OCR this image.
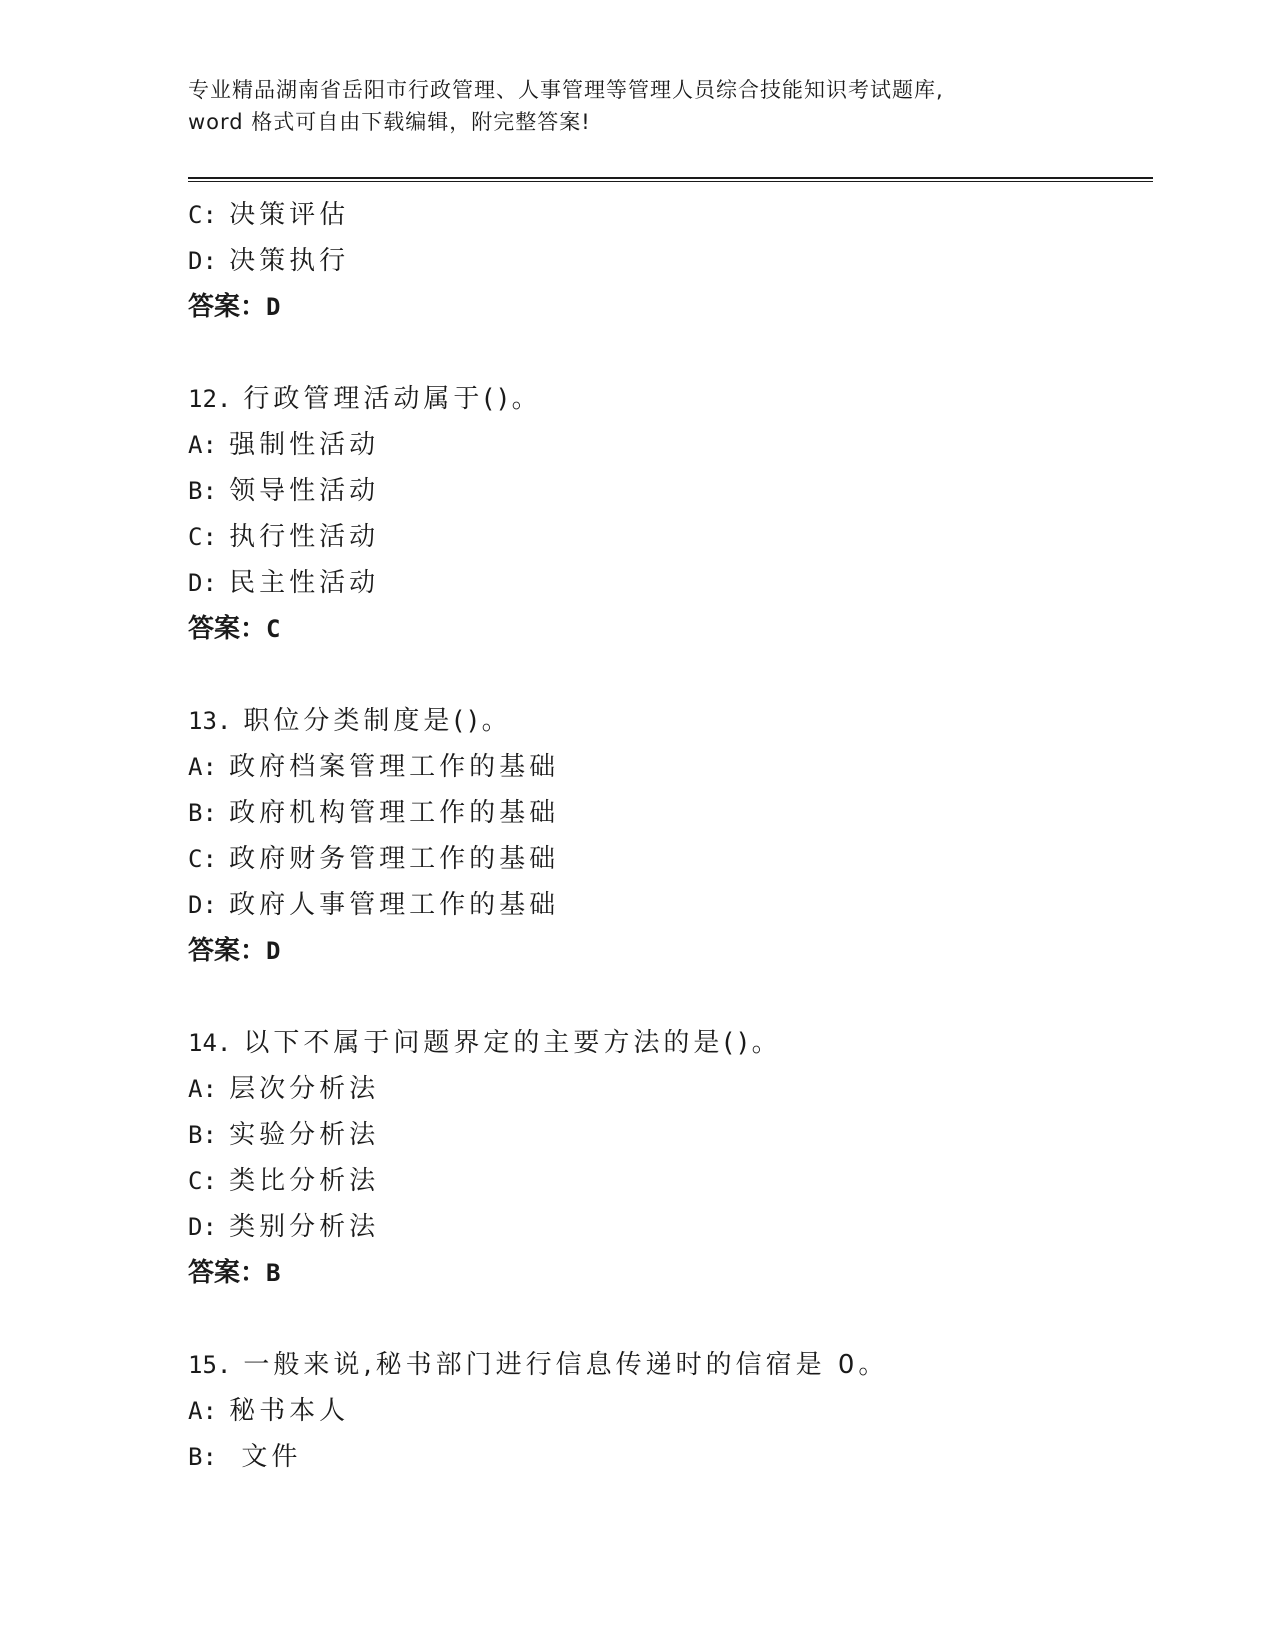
专业精品湖南省岳阳市行政管理、人事管理等管理人员综合技能知识考试题库,
word 格式可自由下载编辑，附完整答案!
C: 决策评估
D: 决策执行
答案：D
12. 行政管理活动属于()。
A: 强制性活动
B: 领导性活动
C: 执行性活动
D: 民主性活动
答案：C
13. 职位分类制度是()。
A: 政府档案管理工作的基础
B: 政府机构管理工作的基础
C: 政府财务管理工作的基础
D: 政府人事管理工作的基础
答案：D
14. 以下不属于问题界定的主要方法的是()。
A: 层次分析法
B: 实验分析法
C: 类比分析法
D: 类别分析法
答案：B
15. 一般来说,秘书部门进行信息传递时的信宿是 0。
A: 秘书本人
B:  文件
